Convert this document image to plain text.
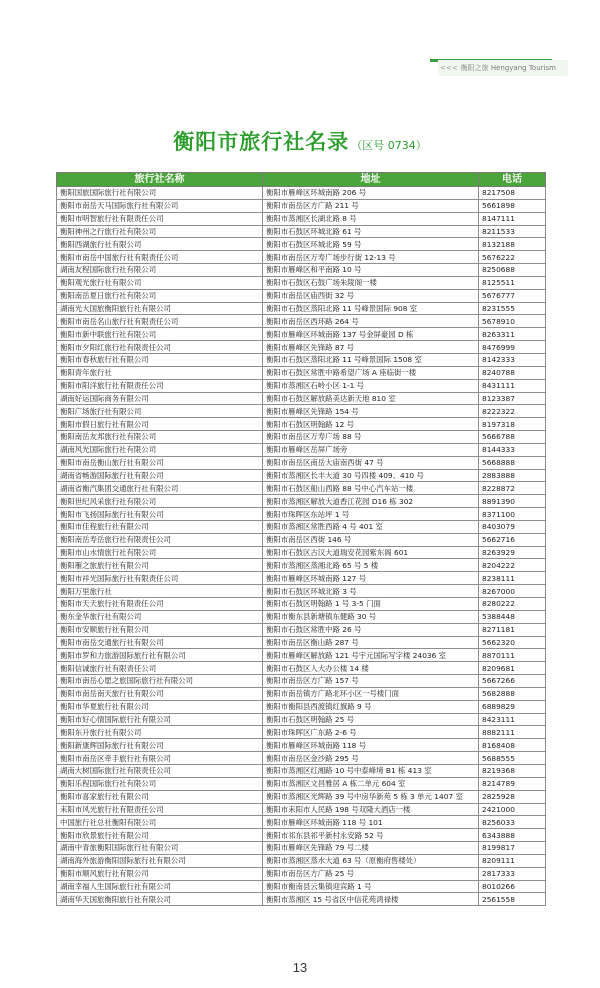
<<< 衡阳之旅 Hengyang Tourism
衡阳市旅行社名录 （区号 0734）
旅行社名称	地址	电话
衡阳国旅国际旅行社有限公司	衡阳市雁峰区环城南路 206 号	8217508
衡阳市南岳天马国际旅行社有限公司	衡阳市南岳区方广路 211 号	5661898
衡阳市明智旅行社有限责任公司	衡阳市蒸湘区长湖北路 8 号	8147111
衡阳神州之行旅行社有限公司	衡阳市石鼓区环城北路 61 号	8211533
衡阳西湖旅行社有限公司	衡阳市石鼓区环城北路 59 号	8132188
衡阳市南岳中国旅行社有限责任公司	衡阳市南岳区万寿广场步行街 12-13 号	5676222
湖南友程国际旅行社有限公司	衡阳市雁峰区和平南路 10 号	8250688
衡阳观光旅行社有限公司	衡阳市石鼓区石鼓广场朱陵阁一楼	8125511
衡阳南岳夏日旅行社有限公司	衡阳市南岳区庙西街 32 号	5676777
湖南光大国旅衡阳旅行社有限公司	衡阳市石鼓区蒸阳北路 11 号峰景国际 908 室	8231555
衡阳市南岳名山旅行社有限责任公司	衡阳市南岳区西环路 264 号	5678910
衡阳市新中联旅行社有限公司	衡阳市雁峰区环城南路 137 号金屏豪园 D 栋	8263311
衡阳市夕阳红旅行社有限责任公司	衡阳市雁峰区先锋路 87 号	8476999
衡阳市春秋旅行社有限公司	衡阳市石鼓区蒸阳北路 11 号峰景国际 1508 室	8142333
衡阳青年旅行社	衡阳市石鼓区常胜中路希望广场 A 座临街一楼	8240788
衡阳市阳洋旅行社有限责任公司	衡阳市蒸湘区石岭小区 1-1 号	8431111
湖南好运国际商务有限公司	衡阳市石鼓区解放路美达新天地 810 室	8123387
衡阳广场旅行社有限公司	衡阳市雁峰区先锋路 154 号	8222322
衡阳市假日旅行社有限公司	衡阳市石鼓区明翰路 12 号	8197318
衡阳南岳友邦旅行社有限公司	衡阳市南岳区万寿广场 88 号	5666788
湖南风光国际旅行社有限公司	衡阳市雁峰区岳屏广场旁	8144333
衡阳市南岳衡山旅行社有限公司	衡阳市南岳区南岳大庙南西街 47 号	5668888
湖南省畅游国际旅行社有限公司	衡阳市蒸湘区长丰大道 30 号四楼 409、410 号	2883888
湖南省衡汽集团交通旅行社有限公司	衡阳市石鼓区船山西路 88 号中心汽车站一楼	8228872
衡阳世纪风采旅行社有限公司	衡阳市蒸湘区解放大道香江花园 D16 栋 302	8891390
衡阳市飞扬国际旅行社有限公司	衡阳市珠晖区东站坪 1 号	8371100
衡阳市佳程旅行社有限公司	衡阳市蒸湘区常胜西路 4 号 401 室	8403079
衡阳南岳寿岳旅行社有限责任公司	衡阳市南岳区西街 146 号	5662716
衡阳市山水情旅行社有限公司	衡阳市石鼓区古汉大道瑞安花园紫东阁 601	8263929
衡阳雁之旅旅行社有限公司	衡阳市蒸湘区蒸湘北路 65 号 5 楼	8204222
衡阳市祥光国际旅行社有限责任公司	衡阳市雁峰区环城南路 127 号	8238111
衡阳万里旅行社	衡阳市石鼓区环城北路 3 号	8267000
衡阳市天天旅行社有限责任公司	衡阳市石鼓区明翰路 1 号 3-5 门面	8280222
衡东金华旅行社有限公司	衡阳市衡东县新塘镇东健路 30 号	5388448
衡阳市安顺旅行社有限公司	衡阳市石鼓区常胜中路 26 号	8271181
衡阳市南岳交通旅行社有限公司	衡阳市南岳区衡山路 287 号	5662320
衡阳市罗和力旅游国际旅行社有限公司	衡阳市雁峰区解放路 121 号宇元国际写字楼 24036 室	8870111
衡阳信诚旅行社有限责任公司	衡阳市石鼓区人大办公楼 14 楼	8209681
衡阳市南岳心愿之旅国际旅行社有限公司	衡阳市南岳区方广路 157 号	5667266
衡阳市南岳南天旅行社有限公司	衡阳市南岳镇方广路北环小区一号楼门面	5682888
衡阳市华夏旅行社有限公司	衡阳市衡阳县西渡镇红旗路 9 号	6889829
衡阳市好心情国际旅行社有限公司	衡阳市石鼓区明翰路 25 号	8423111
衡阳东升旅行社有限公司	衡阳市珠晖区广东路 2-6 号	8882111
衡阳新康辉国际旅行社有限公司	衡阳市雁峰区环城南路 118 号	8168408
衡阳市南岳区牵手旅行社有限公司	衡阳市南岳区金沙路 295 号	5688555
湖南大树国际旅行社有限责任公司	衡阳市蒸湘区红湘路 10 号中泰峰境 B1 栋 413 室	8219368
衡阳乐程国际旅行社有限公司	衡阳市蒸湘区文昌雅居 A 栋二单元 604 室	8214789
衡阳市喜家旅行社有限公司	衡阳市蒸湘区光辉路 39 号中房华新苑 5 栋 3 单元 1407 室	2825928
耒阳市风光旅行社有限责任公司	衡阳市耒阳市人民路 198 号双隆大酒店一楼	2421000
中国旅行社总社衡阳有限公司	衡阳市雁峰区环城南路 118 号 101	8256033
衡阳市欣景旅行社有限公司	衡阳市祁东县祁平新村永安路 52 号	6343888
湖南中青旅衡阳国际旅行社有限公司	衡阳市雁峰区先锋路 79 号二楼	8199817
湖南海外旅游衡阳国际旅行社有限公司	衡阳市蒸湘区蒸水大道 63 号（原衡府售楼处）	8209111
衡阳市顺风旅行社有限公司	衡阳市南岳区方广路 25 号	2817333
湖南幸福人生国际旅行社有限公司	衡阳市衡南县云集镇迎宾路 1 号	8010266
湖南华天国旅衡阳旅行社有限公司	衡阳市蒸湘区 15 号省区中信花苑鸿禄楼	2561558
13
